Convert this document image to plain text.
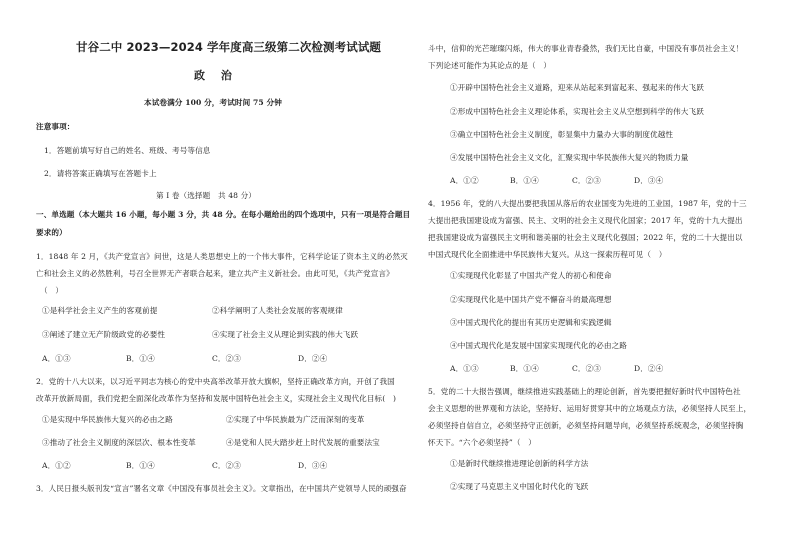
甘谷二中 2023—2024 学年度高三级第二次检测考试试题
政 治
本试卷满分 100 分，考试时间 75 分钟
注意事项：
1．答题前填写好自己的姓名、班级、考号等信息
2．请将答案正确填写在答题卡上
第 I 卷（选择题　共 48 分）
一、单选题（本大题共 16 小题，每小题 3 分，共 48 分。在每小题给出的四个选项中，只有一项是符合题目
要求的）
1．1848 年 2 月，《共产党宣言》问世，这是人类思想史上的一个伟大事件，它科学论证了资本主义的必然灭
亡和社会主义的必然胜利，号召全世界无产者联合起来，建立共产主义新社会。由此可见，《共产党宣言》
（　）
①是科学社会主义产生的客观前提	②科学阐明了人类社会发展的客观规律
③阐述了建立无产阶级政党的必要性	④实现了社会主义从理论到实践的伟大飞跃
A．①③	B．①④	C．②③	D．②④
2．党的十八大以来，以习近平同志为核心的党中央高举改革开放大旗帜，坚持正确改革方向，开创了我国
改革开放新局面，我们党把全面深化改革作为坚持和发展中国特色社会主义，实现社会主义现代化目标(　)
①是实现中华民族伟大复兴的必由之路	②实现了中华民族最为广泛而深刻的变革
③推动了社会主义制度的深层次、根本性变革	④是党和人民大踏步赶上时代发展的重要法宝
A．①②	B．①④	C．②③	D．③④
3．人民日报头版刊发“宣言”署名文章《中国没有事员社会主义》。文章指出，在中国共产党领导人民的顽强奋
斗中，信仰的光芒璀璨闪烁，伟大的事业青春叠然，我们无比自豪，中国没有事员社会主义！
下列论述可能作为其论点的是（　）
①开辟中国特色社会主义道路，迎来从站起来到富起来、强起来的伟大飞跃
②形成中国特色社会主义理论体系，实现社会主义从空想到科学的伟大飞跃
③确立中国特色社会主义制度，彰显集中力量办大事的制度优越性
④发展中国特色社会主义文化，汇聚实现中华民族伟大复兴的物质力量
A．①②	B．①④	C．②③	D．③④
4．1956 年，党的八大提出要把我国从落后的农业国变为先进的工业国，1987 年，党的十三
大提出把我国建设成为富强、民主、文明的社会主义现代化国家；2017 年，党的十九大提出
把我国建设成为富强民主文明和谐美丽的社会主义现代化强国；2022 年，党的二十大提出以
中国式现代化全面推进中华民族伟大复兴。从这一探索历程可见（　）
①实现现代化彰显了中国共产党人的初心和使命
②实现现代化是中国共产党不懈奋斗的最高理想
③中国式现代化的提出有其历史逻辑和实践逻辑
④中国式现代化是发展中国家实现现代化的必由之路
A．①③	B．①④	C．②③	D．②④
5．党的二十大报告强调，继续推进实践基础上的理论创新，首先要把握好新时代中国特色社
会主义思想的世界观和方法论，坚持好、运用好贯穿其中的立场观点方法，必须坚持人民至上，
必须坚持自信自立，必须坚持守正创新，必须坚持问题导向，必须坚持系统观念，必须坚持胸
怀天下。“六个必须坚持”（　）
①是新时代继续推进理论创新的科学方法
②实现了马克思主义中国化时代化的飞跃
